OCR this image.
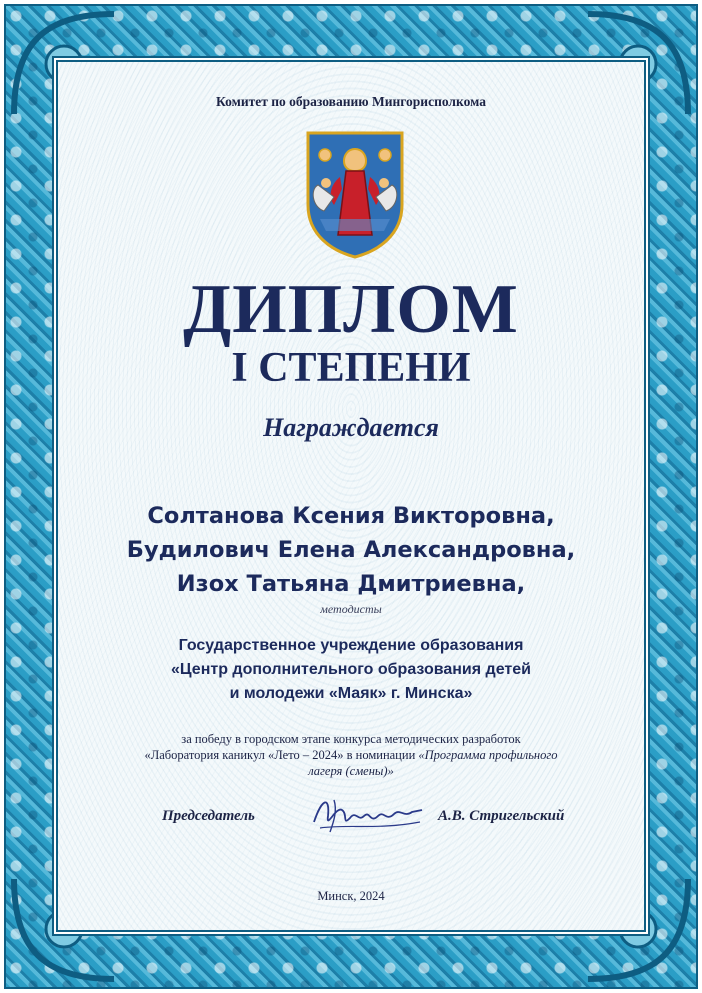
Комитет по образованию Мингорисполкома
ДИПЛОМ
I СТЕПЕНИ
Награждается
Солтанова Ксения Викторовна,
Будилович Елена Александровна,
Изох Татьяна Дмитриевна,
методисты
Государственное учреждение образования
«Центр дополнительного образования детей
и молодежи «Маяк» г. Минска»
за победу в городском этапе конкурса методических разработок
«Лаборатория каникул «Лето – 2024» в номинации «Программа профильного
лагеря (смены)»
Председатель	А.В. Стригельский
Минск, 2024
